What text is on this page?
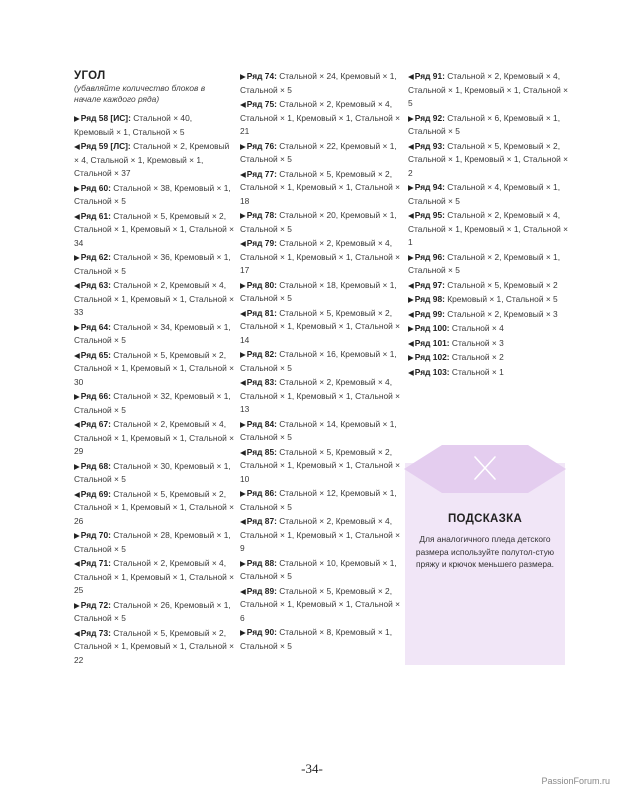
УГОЛ
(убавляйте количество блоков в начале каждого ряда)
▶Ряд 58 [ИС]: Стальной × 40, Кремовый × 1, Стальной × 5
◀Ряд 59 [ЛС]: Стальной × 2, Кремовый × 4, Стальной × 1, Кремовый × 1, Стальной × 37
▶Ряд 60: Стальной × 38, Кремовый × 1, Стальной × 5
◀Ряд 61: Стальной × 5, Кремовый × 2, Стальной × 1, Кремовый × 1, Стальной × 34
▶Ряд 62: Стальной × 36, Кремовый × 1, Стальной × 5
◀Ряд 63: Стальной × 2, Кремовый × 4, Стальной × 1, Кремовый × 1, Стальной × 33
▶Ряд 64: Стальной × 34, Кремовый × 1, Стальной × 5
◀Ряд 65: Стальной × 5, Кремовый × 2, Стальной × 1, Кремовый × 1, Стальной × 30
▶Ряд 66: Стальной × 32, Кремовый × 1, Стальной × 5
◀Ряд 67: Стальной × 2, Кремовый × 4, Стальной × 1, Кремовый × 1, Стальной × 29
▶Ряд 68: Стальной × 30, Кремовый × 1, Стальной × 5
◀Ряд 69: Стальной × 5, Кремовый × 2, Стальной × 1, Кремовый × 1, Стальной × 26
▶Ряд 70: Стальной × 28, Кремовый × 1, Стальной × 5
◀Ряд 71: Стальной × 2, Кремовый × 4, Стальной × 1, Кремовый × 1, Стальной × 25
▶Ряд 72: Стальной × 26, Кремовый × 1, Стальной × 5
◀Ряд 73: Стальной × 5, Кремовый × 2, Стальной × 1, Кремовый × 1, Стальной × 22
▶Ряд 74: Стальной × 24, Кремовый × 1, Стальной × 5
◀Ряд 75: Стальной × 2, Кремовый × 4, Стальной × 1, Кремовый × 1, Стальной × 21
▶Ряд 76: Стальной × 22, Кремовый × 1, Стальной × 5
◀Ряд 77: Стальной × 5, Кремовый × 2, Стальной × 1, Кремовый × 1, Стальной × 18
▶Ряд 78: Стальной × 20, Кремовый × 1, Стальной × 5
◀Ряд 79: Стальной × 2, Кремовый × 4, Стальной × 1, Кремовый × 1, Стальной × 17
▶Ряд 80: Стальной × 18, Кремовый × 1, Стальной × 5
◀Ряд 81: Стальной × 5, Кремовый × 2, Стальной × 1, Кремовый × 1, Стальной × 14
▶Ряд 82: Стальной × 16, Кремовый × 1, Стальной × 5
◀Ряд 83: Стальной × 2, Кремовый × 4, Стальной × 1, Кремовый × 1, Стальной × 13
▶Ряд 84: Стальной × 14, Кремовый × 1, Стальной × 5
◀Ряд 85: Стальной × 5, Кремовый × 2, Стальной × 1, Кремовый × 1, Стальной × 10
▶Ряд 86: Стальной × 12, Кремовый × 1, Стальной × 5
◀Ряд 87: Стальной × 2, Кремовый × 4, Стальной × 1, Кремовый × 1, Стальной × 9
▶Ряд 88: Стальной × 10, Кремовый × 1, Стальной × 5
◀Ряд 89: Стальной × 5, Кремовый × 2, Стальной × 1, Кремовый × 1, Стальной × 6
▶Ряд 90: Стальной × 8, Кремовый × 1, Стальной × 5
◀Ряд 91: Стальной × 2, Кремовый × 4, Стальной × 1, Кремовый × 1, Стальной × 5
▶Ряд 92: Стальной × 6, Кремовый × 1, Стальной × 5
◀Ряд 93: Стальной × 5, Кремовый × 2, Стальной × 1, Кремовый × 1, Стальной × 2
▶Ряд 94: Стальной × 4, Кремовый × 1, Стальной × 5
◀Ряд 95: Стальной × 2, Кремовый × 4, Стальной × 1, Кремовый × 1, Стальной × 1
▶Ряд 96: Стальной × 2, Кремовый × 1, Стальной × 5
◀Ряд 97: Стальной × 5, Кремовый × 2
▶Ряд 98: Кремовый × 1, Стальной × 5
◀Ряд 99: Стальной × 2, Кремовый × 3
▶Ряд 100: Стальной × 4
◀Ряд 101: Стальной × 3
▶Ряд 102: Стальной × 2
◀Ряд 103: Стальной × 1
ПОДСКАЗКА
Для аналогичного пледа детского размера используйте полутол-стую пряжу и крючок меньшего размера.
-34-
PassionForum.ru
